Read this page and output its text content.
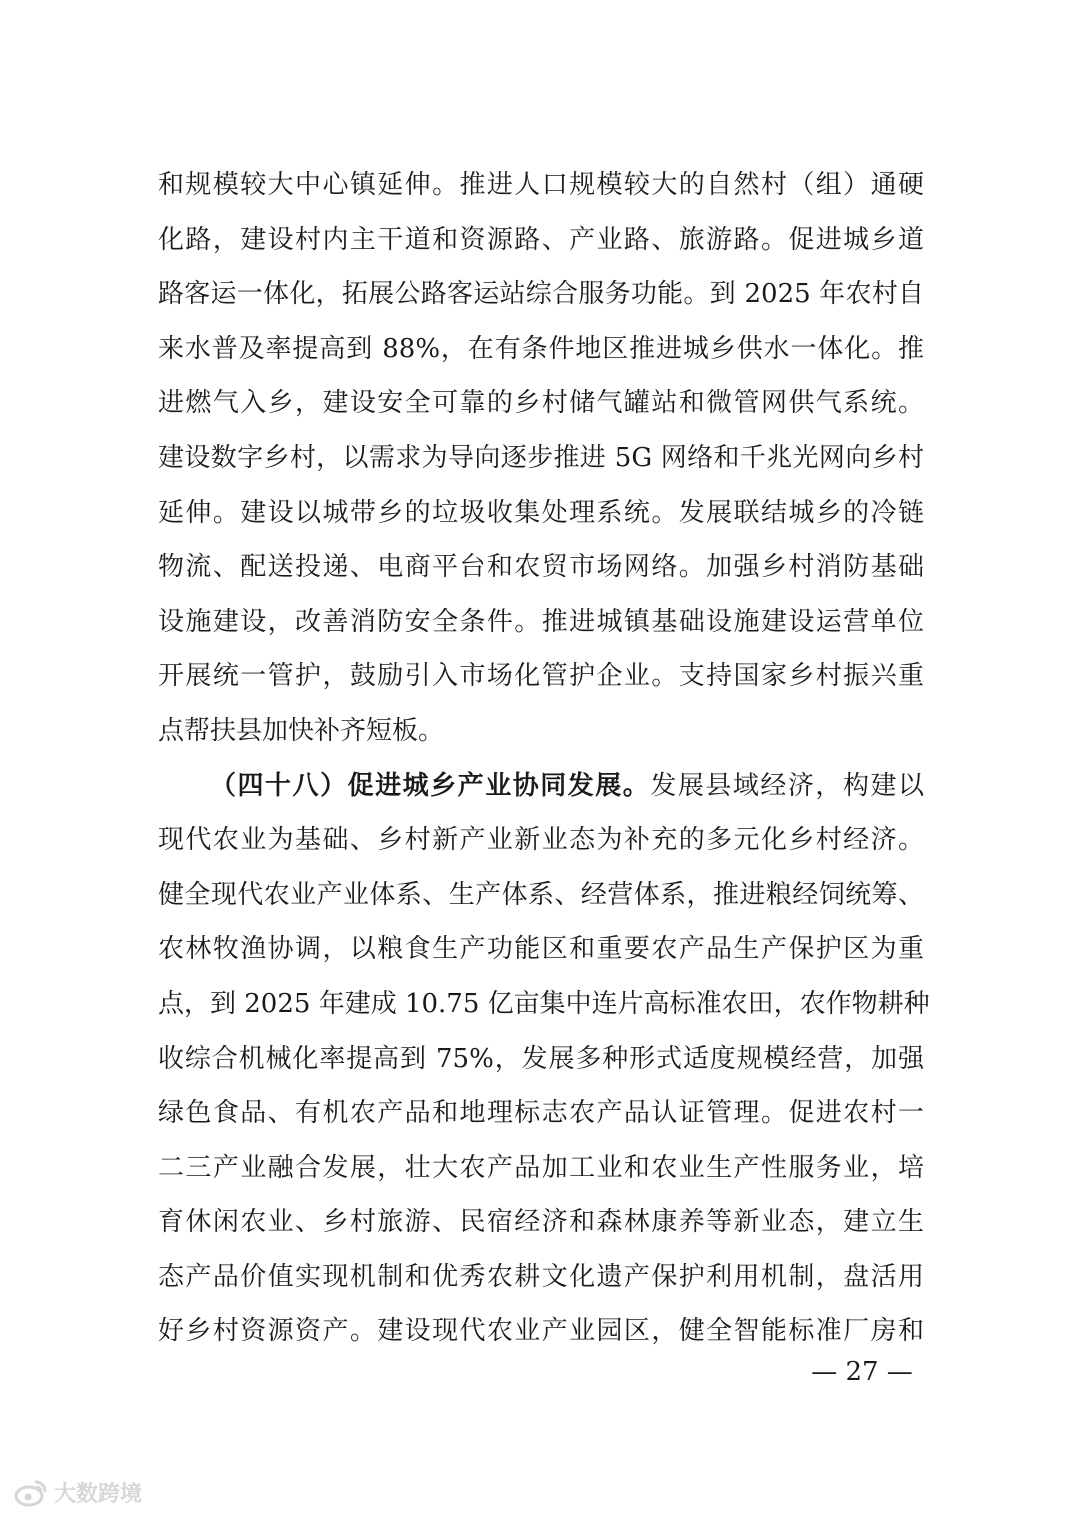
和规模较大中心镇延伸。推进人口规模较大的自然村（组）通硬
化路，建设村内主干道和资源路、产业路、旅游路。促进城乡道
路客运一体化，拓展公路客运站综合服务功能。到 2025 年农村自
来水普及率提高到 88%，在有条件地区推进城乡供水一体化。推
进燃气入乡，建设安全可靠的乡村储气罐站和微管网供气系统。
建设数字乡村，以需求为导向逐步推进 5G 网络和千兆光网向乡村
延伸。建设以城带乡的垃圾收集处理系统。发展联结城乡的冷链
物流、配送投递、电商平台和农贸市场网络。加强乡村消防基础
设施建设，改善消防安全条件。推进城镇基础设施建设运营单位
开展统一管护，鼓励引入市场化管护企业。支持国家乡村振兴重
点帮扶县加快补齐短板。
（四十八）促进城乡产业协同发展。发展县域经济，构建以
现代农业为基础、乡村新产业新业态为补充的多元化乡村经济。
健全现代农业产业体系、生产体系、经营体系，推进粮经饲统筹、
农林牧渔协调，以粮食生产功能区和重要农产品生产保护区为重
点，到 2025 年建成 10.75 亿亩集中连片高标准农田，农作物耕种
收综合机械化率提高到 75%，发展多种形式适度规模经营，加强
绿色食品、有机农产品和地理标志农产品认证管理。促进农村一
二三产业融合发展，壮大农产品加工业和农业生产性服务业，培
育休闲农业、乡村旅游、民宿经济和森林康养等新业态，建立生
态产品价值实现机制和优秀农耕文化遗产保护利用机制，盘活用
好乡村资源资产。建设现代农业产业园区，健全智能标准厂房和
— 27 —
大数跨境
